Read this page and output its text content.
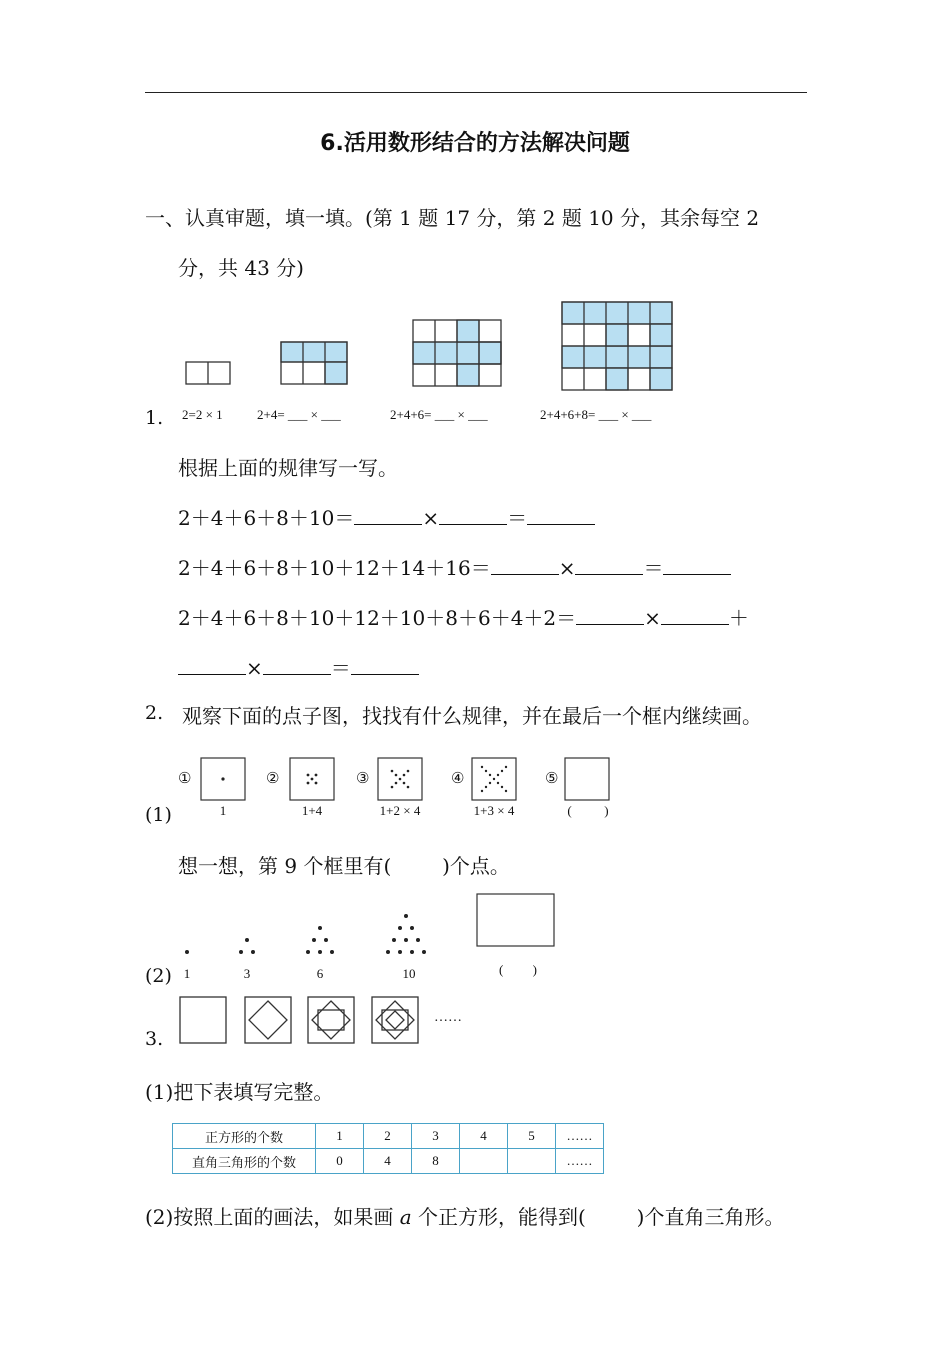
6.活用数形结合的方法解决问题
一、认真审题，填一填。(第 1 题 17 分，第 2 题 10 分，其余每空 2
分，共 43 分)
1. 2=2 × 1	2+4= ___ × ___	2+4+6= ___ × ___	2+4+6+8= ___ × ___
根据上面的规律写一写。
2＋4＋6＋8＋10＝	×	＝
2＋4＋6＋8＋10＋12＋14＋16＝	×	＝
2＋4＋6＋8＋10＋12＋10＋8＋6＋4＋2＝	×	＋
×	＝
2. 观察下面的点子图，找找有什么规律，并在最后一个框内继续画。
①	②	③	④	⑤
(1)	1	1+4	1+2 × 4	1+3 × 4	(          )
想一想，第 9 个框里有(        )个点。
(2) 1	3	6	10	(         )
……
3.
(1)把下表填写完整。
正方形的个数	1	2	3	4	5	……
直角三角形的个数	0	4	8			……
(2)按照上面的画法，如果画 a 个正方形，能得到(        )个直角三角形。
